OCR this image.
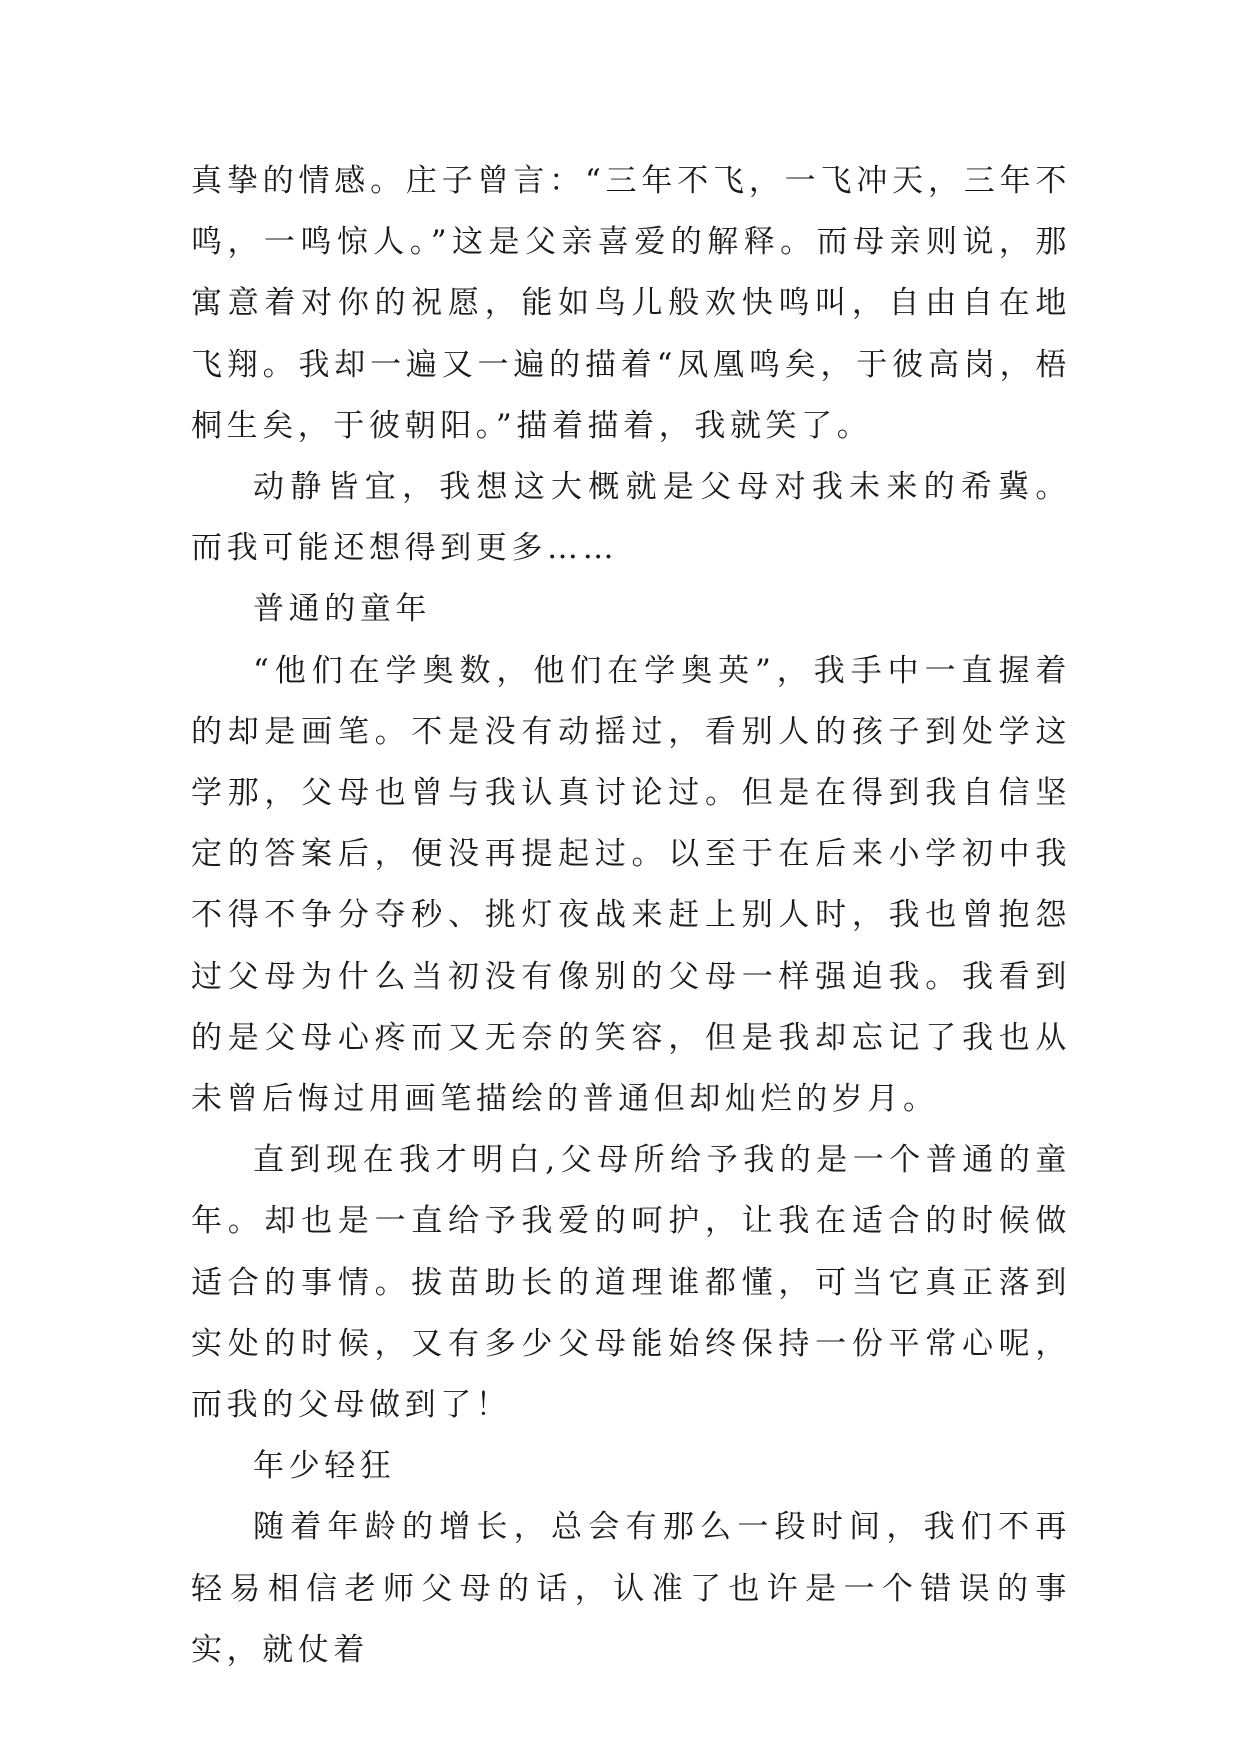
真挚的情感。庄子曾言：“三年不飞，一飞冲天，三年不鸣，一鸣惊人。”这是父亲喜爱的解释。而母亲则说，那寓意着对你的祝愿，能如鸟儿般欢快鸣叫，自由自在地飞翔。我却一遍又一遍的描着“凤凰鸣矣，于彼高岗，梧桐生矣，于彼朝阳。”描着描着，我就笑了。

动静皆宜，我想这大概就是父母对我未来的希冀。而我可能还想得到更多……

普通的童年

“他们在学奥数，他们在学奥英”，我手中一直握着的却是画笔。不是没有动摇过，看别人的孩子到处学这学那，父母也曾与我认真讨论过。但是在得到我自信坚定的答案后，便没再提起过。以至于在后来小学初中我不得不争分夺秒、挑灯夜战来赶上别人时，我也曾抱怨过父母为什么当初没有像别的父母一样强迫我。我看到的是父母心疼而又无奈的笑容，但是我却忘记了我也从未曾后悔过用画笔描绘的普通但却灿烂的岁月。

直到现在我才明白,父母所给予我的是一个普通的童年。却也是一直给予我爱的呵护，让我在适合的时候做适合的事情。拔苗助长的道理谁都懂，可当它真正落到实处的时候，又有多少父母能始终保持一份平常心呢，而我的父母做到了！

年少轻狂

随着年龄的增长，总会有那么一段时间，我们不再轻易相信老师父母的话，认准了也许是一个错误的事实，就仗着
